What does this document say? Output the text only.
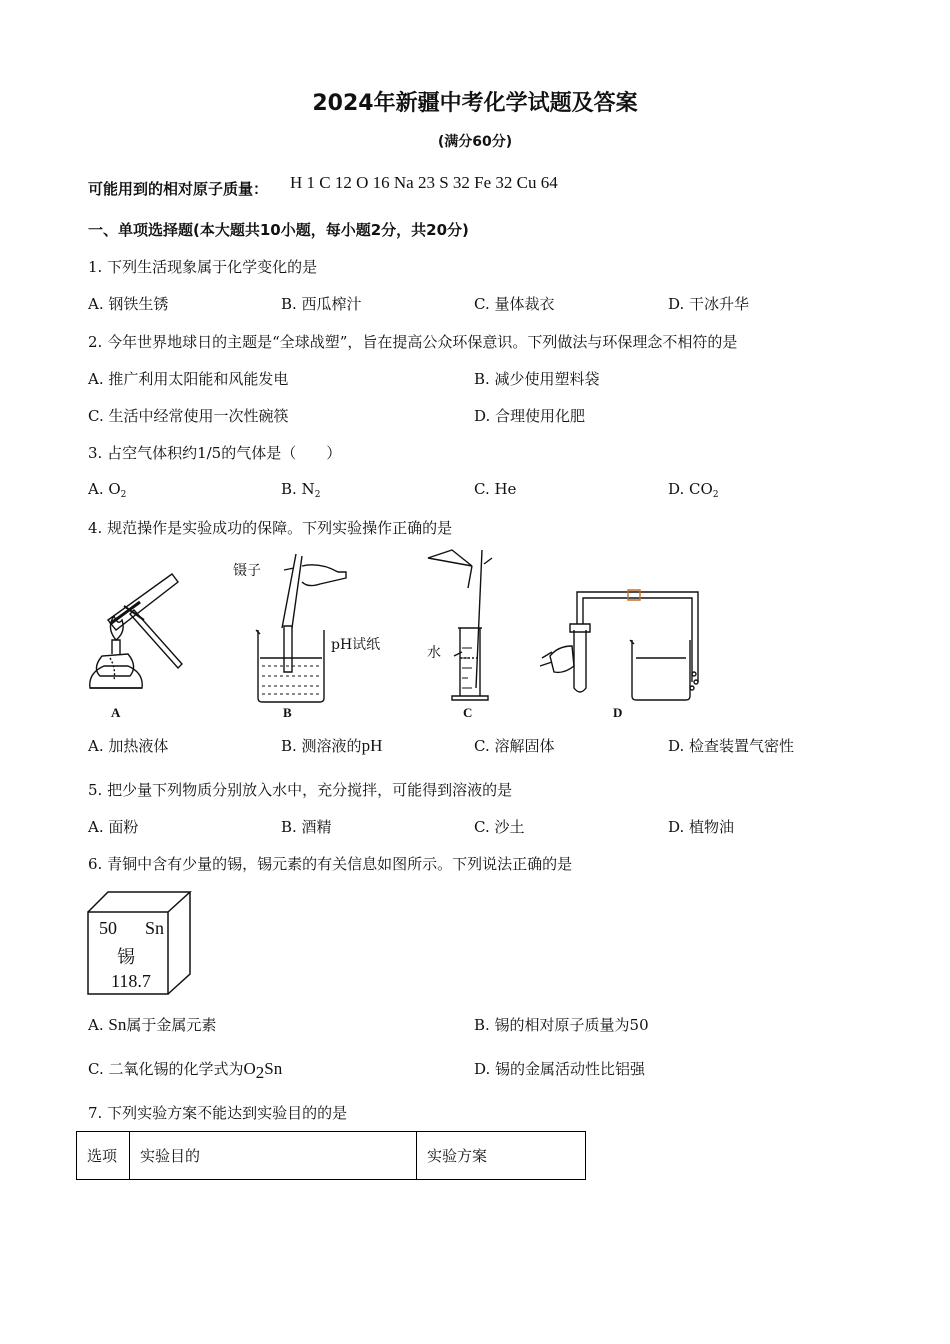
2024年新疆中考化学试题及答案
(满分60分)
可能用到的相对原子质量： H 1 C 12 O 16 Na 23 S 32 Fe 32 Cu 64
一、单项选择题(本大题共10小题，每小题2分，共20分)
1. 下列生活现象属于化学变化的是
A. 钢铁生锈	B. 西瓜榨汁	C. 量体裁衣	D. 干冰升华
2. 今年世界地球日的主题是“全球战塑”，旨在提高公众环保意识。下列做法与环保理念不相符的是
A. 推广利用太阳能和风能发电	B. 减少使用塑料袋
C. 生活中经常使用一次性碗筷	D. 合理使用化肥
3. 占空气体积约1/5的气体是（　　）
A. $O_2$	B. $N_2$	C. He	D. $CO_2$
4. 规范操作是实验成功的保障。下列实验操作正确的是
镊子
pH试纸	水
A	B	C	D
A. 加热液体	B. 测溶液的pH	C. 溶解固体	D. 检查装置气密性
5. 把少量下列物质分别放入水中，充分搅拌，可能得到溶液的是
A. 面粉	B. 酒精	C. 沙土	D. 植物油
6. 青铜中含有少量的锡，锡元素的有关信息如图所示。下列说法正确的是
50 Sn
锡
118.7
A. Sn属于金属元素	B. 锡的相对原子质量为50
C. 二氧化锡的化学式为O2Sn	D. 锡的金属活动性比铝强
7. 下列实验方案不能达到实验目的的是
选项	实验目的	实验方案
